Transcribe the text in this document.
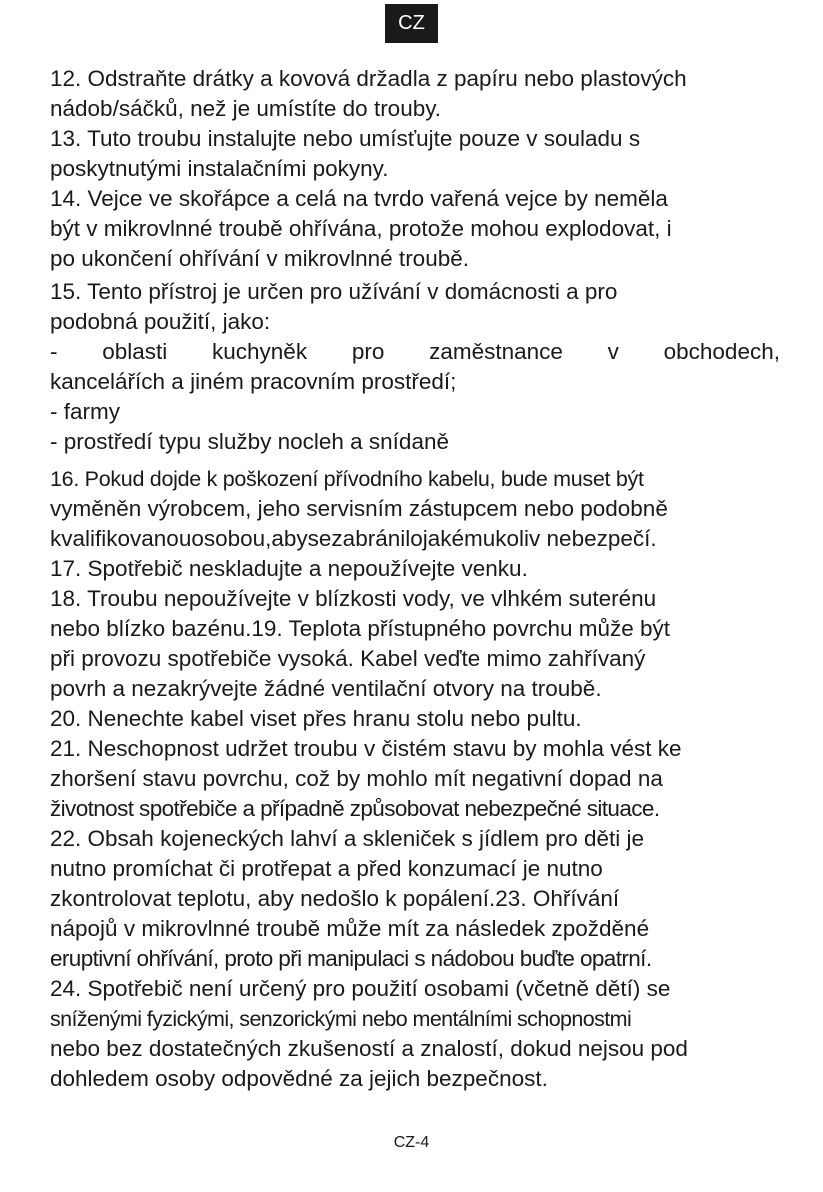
CZ
12. Odstraňte drátky a kovová držadla z papíru nebo plastových
nádob/sáčků, než je umístíte do trouby.
13. Tuto troubu instalujte nebo umísťujte pouze v souladu s
poskytnutými instalačními pokyny.
14. Vejce ve skořápce a celá na tvrdo vařená vejce by neměla
být v mikrovlnné troubě ohřívána, protože mohou explodovat, i
po ukončení ohřívání v mikrovlnné troubě.
15. Tento přístroj je určen pro užívání v domácnosti a pro
podobná použití, jako:
- oblasti kuchyněk pro zaměstnance v obchodech,
kancelářích a jiném pracovním prostředí;
- farmy
- prostředí typu služby nocleh a snídaně
16. Pokud dojde k poškození přívodního kabelu, bude muset být
vyměněn výrobcem, jeho servisním zástupcem nebo podobně
kvalifikovanouosobou,abysezabránilojakémukoliv nebezpečí.
17. Spotřebič neskladujte a nepoužívejte venku.
18. Troubu nepoužívejte v blízkosti vody, ve vlhkém suterénu
nebo blízko bazénu.19. Teplota přístupného povrchu může být
při provozu spotřebiče vysoká. Kabel veďte mimo zahřívaný
povrh a nezakrývejte žádné ventilační otvory na troubě.
20. Nenechte kabel viset přes hranu stolu nebo pultu.
21. Neschopnost udržet troubu v čistém stavu by mohla vést ke
zhoršení stavu povrchu, což by mohlo mít negativní dopad na
životnost spotřebiče a případně způsobovat nebezpečné situace.
22. Obsah kojeneckých lahví a skleniček s jídlem pro děti je
nutno promíchat či protřepat a před konzumací je nutno
zkontrolovat teplotu, aby nedošlo k popálení.23. Ohřívání
nápojů v mikrovlnné troubě může mít za následek zpožděné
eruptivní ohřívání, proto při manipulaci s nádobou buďte opatrní.
24. Spotřebič není určený pro použití osobami (včetně dětí) se
sníženými fyzickými, senzorickými nebo mentálními schopnostmi
nebo bez dostatečných zkušeností a znalostí, dokud nejsou pod
dohledem osoby odpovědné za jejich bezpečnost.
CZ-4
